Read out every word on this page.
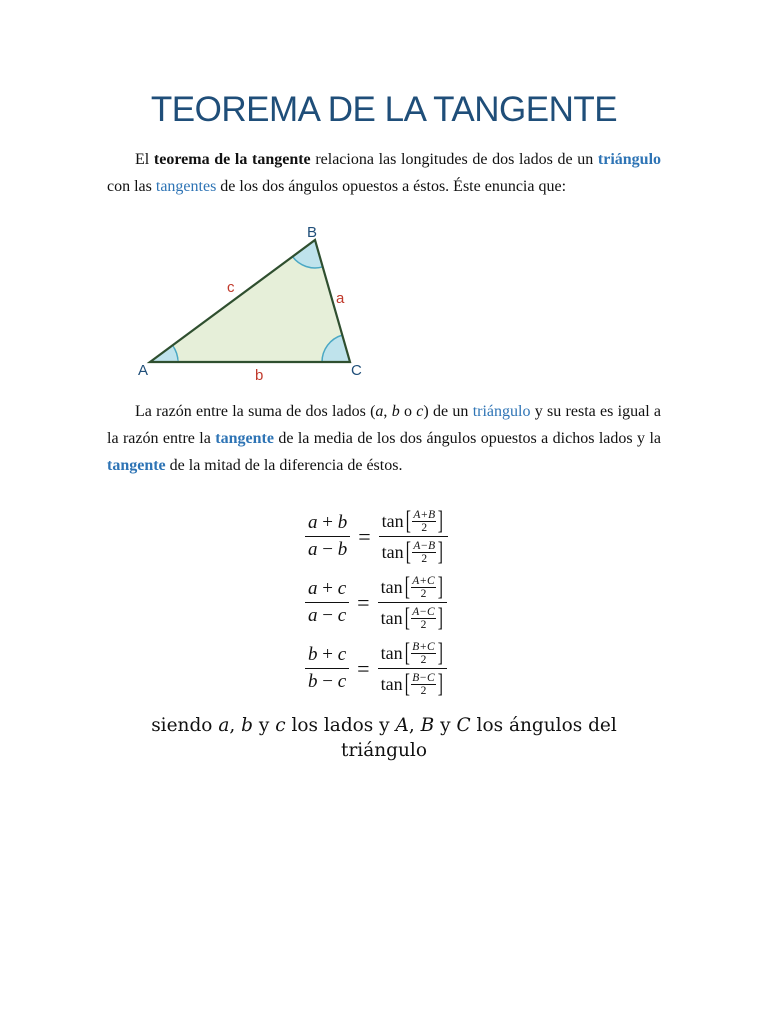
TEOREMA DE LA TANGENTE
El teorema de la tangente relaciona las longitudes de dos lados de un triángulo con las tangentes de los dos ángulos opuestos a éstos. Éste enuncia que:
A
B
C
a
b
c
La razón entre la suma de dos lados (a, b o c) de un triángulo y su resta es igual a la razón entre la tangente de la media de los dos ángulos opuestos a dichos lados y la tangente de la mitad de la diferencia de éstos.
$\frac{a + b}{a - b} = \tan$ [ A+B
2 ]
tan [ A−B
2 ]
$\frac{a + c}{a - c} = \tan$ [ A+C
2 ]
tan [ A−C
2 ]
$\frac{b + c}{b - c} = \tan$ [ B+C
2 ]
tan [ B−C
2 ]
siendo a, b y c los lados y A, B y C los ángulos del
triángulo
